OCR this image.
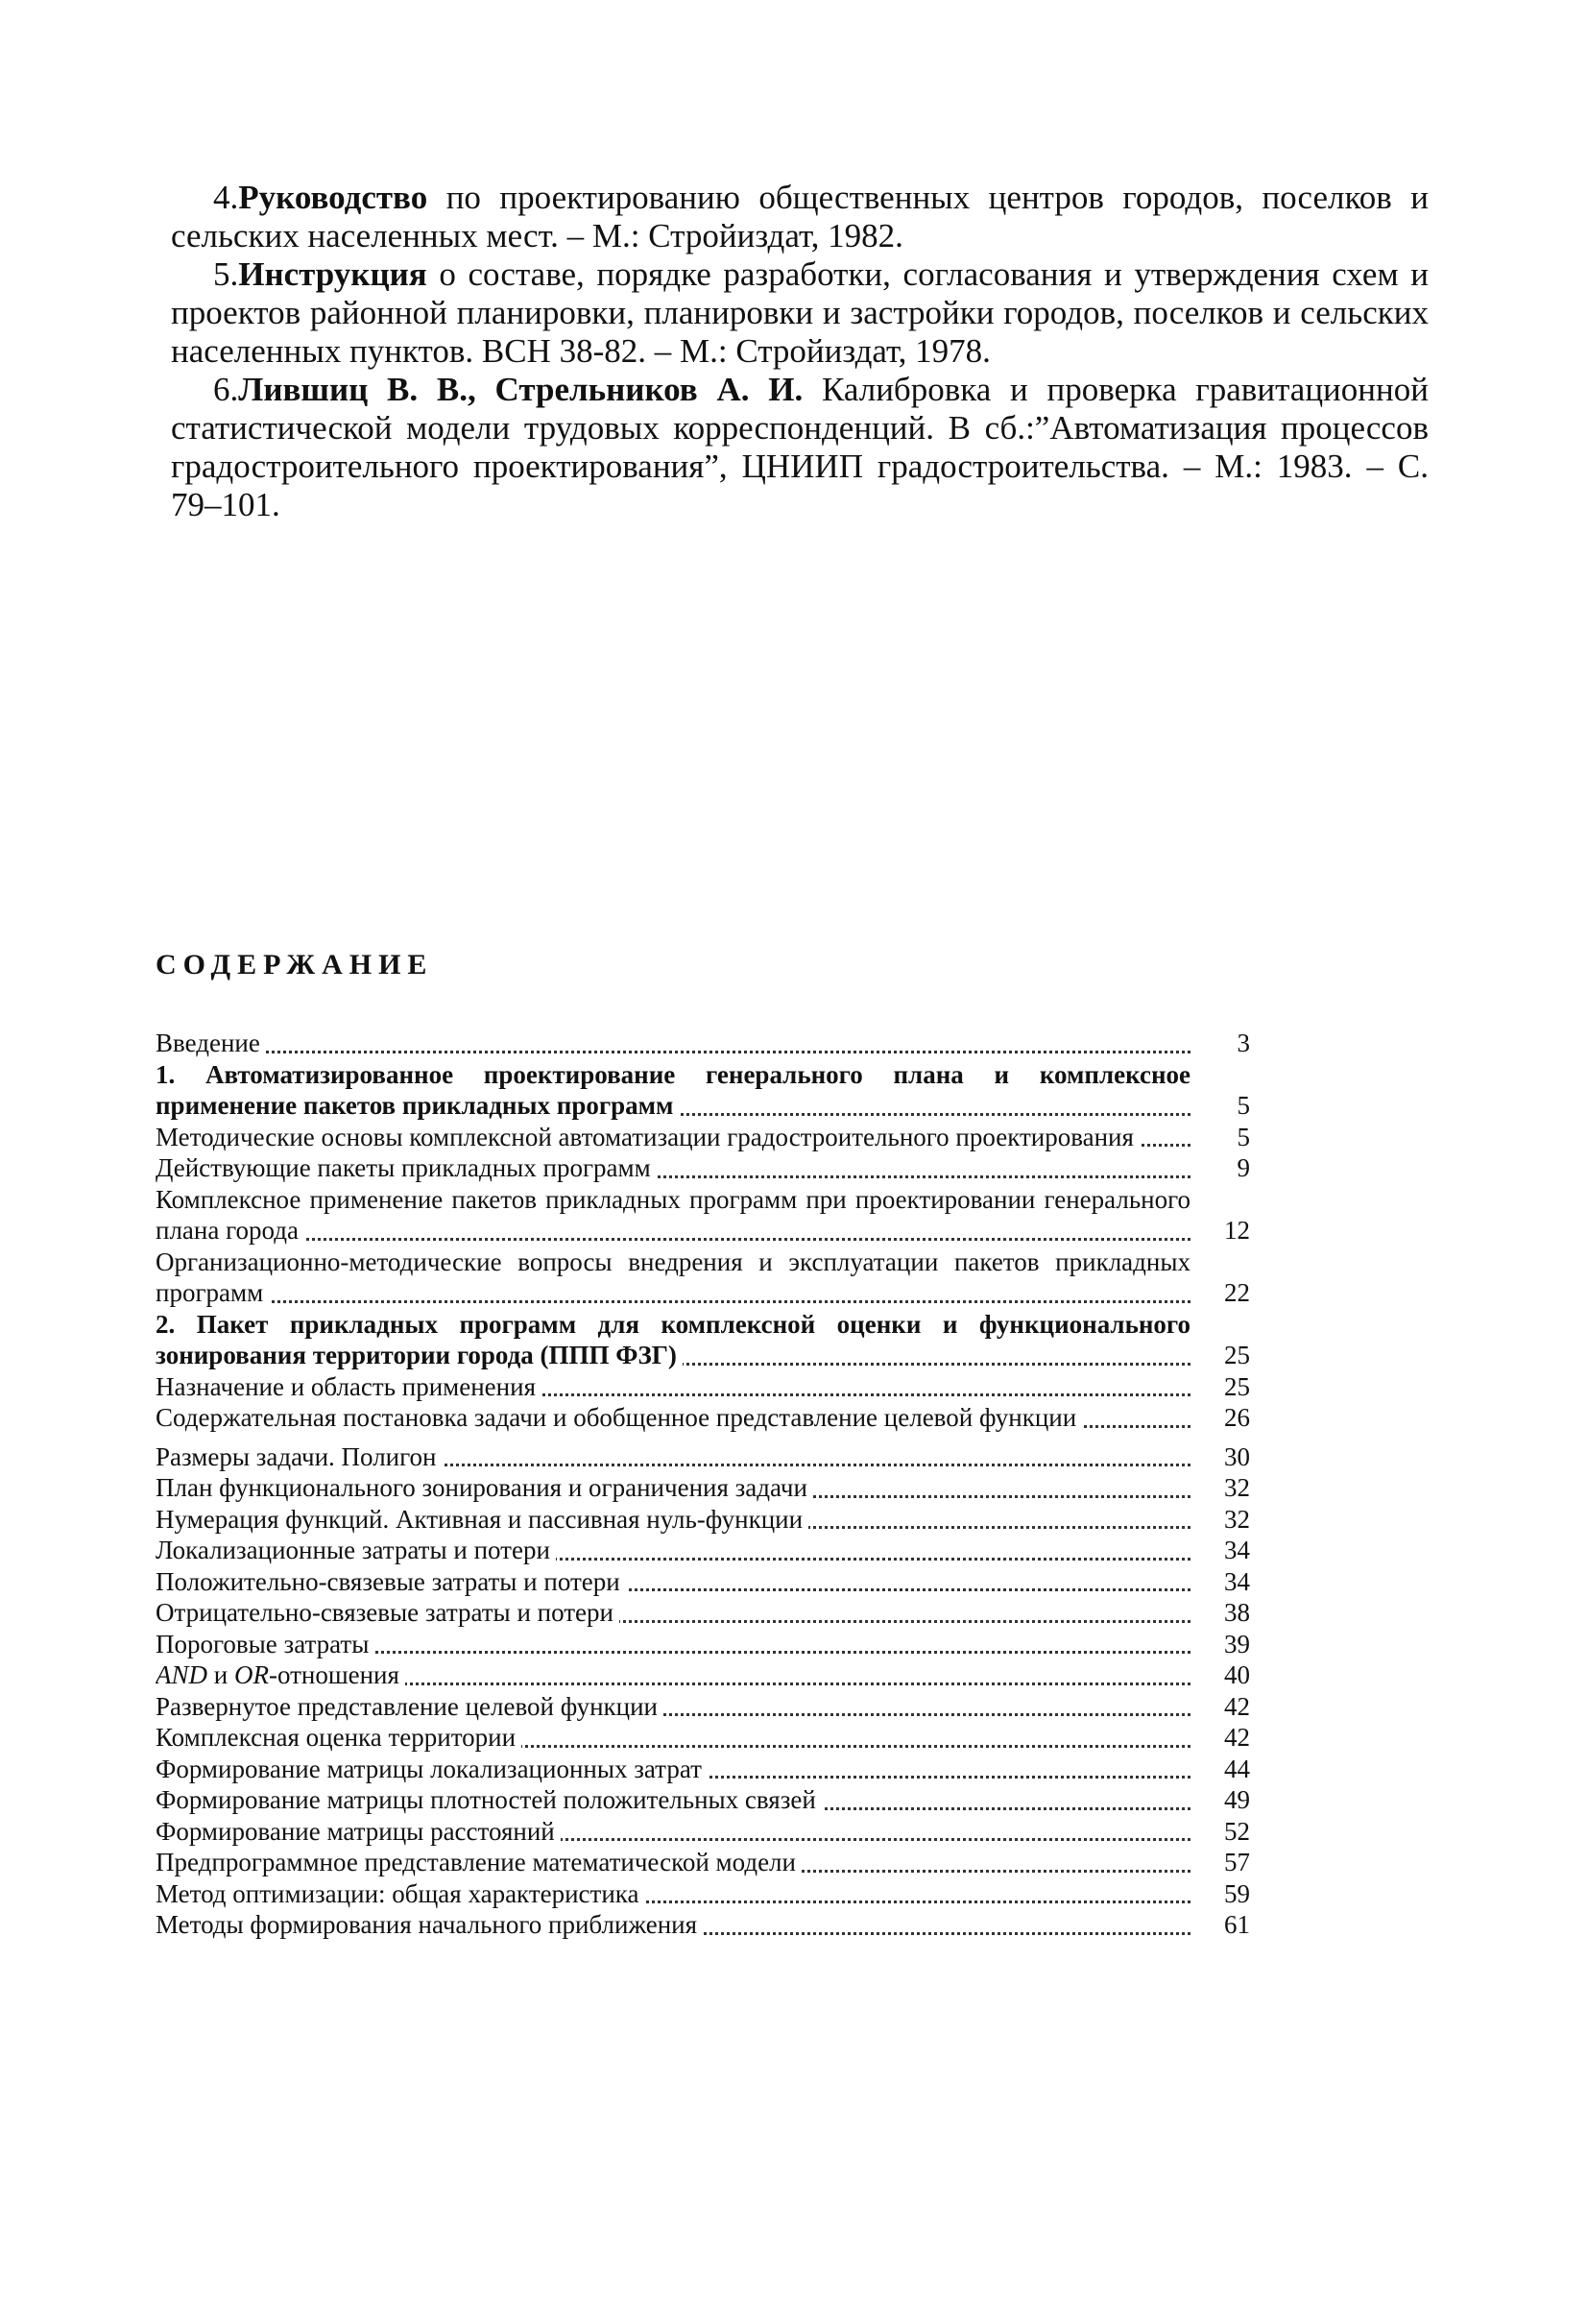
4.Руководство по проектированию общественных центров городов, поселков и сельских населенных мест. – М.: Стройиздат, 1982.

5.Инструкция о составе, порядке разработки, согласования и утверждения схем и проектов районной планировки, планировки и застройки городов, поселков и сельских населенных пунктов. ВСН 38-82. – М.: Стройиздат, 1978.

6.Лившиц В. В., Стрельников А. И. Калибровка и проверка гравитационной статистической модели трудовых корреспонденций. В сб.:”Автоматизация процессов градостроительного проектирования”, ЦНИИП градостроительства. – М.: 1983. – С. 79–101.

СОДЕРЖАНИЕ
Введение	3
1. Автоматизированное проектирование генерального плана и комплексное применение пакетов прикладных программ	5
Методические основы комплексной автоматизации градостроительного проектирования	5
Действующие пакеты прикладных программ	9
Комплексное применение пакетов прикладных программ при проектировании генерального плана города	12
Организационно-методические вопросы внедрения и эксплуатации пакетов прикладных программ	22
2. Пакет прикладных программ для комплексной оценки и функционального зонирования территории города (ППП ФЗГ)	25
Назначение и область применения	25
Содержательная постановка задачи и обобщенное представление целевой функции	26
Размеры задачи. Полигон	30
План функционального зонирования и ограничения задачи	32
Нумерация функций. Активная и пассивная нуль-функции	32
Локализационные затраты и потери	34
Положительно-связевые затраты и потери	34
Отрицательно-связевые затраты и потери	38
Пороговые затраты	39
AND и OR-отношения	40
Развернутое представление целевой функции	42
Комплексная оценка территории	42
Формирование матрицы локализационных затрат	44
Формирование матрицы плотностей положительных связей	49
Формирование матрицы расстояний	52
Предпрограммное представление математической модели	57
Метод оптимизации: общая характеристика	59
Методы формирования начального приближения	61
